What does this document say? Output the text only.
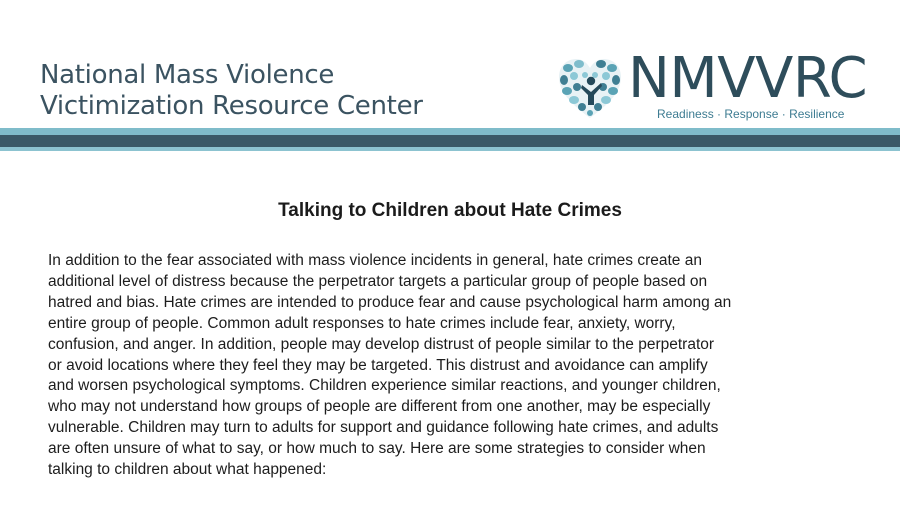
National Mass Violence
Victimization Resource Center	NMVVRC
Readiness · Response · Resilience
Talking to Children about Hate Crimes

In addition to the fear associated with mass violence incidents in general, hate crimes create an
additional level of distress because the perpetrator targets a particular group of people based on
hatred and bias. Hate crimes are intended to produce fear and cause psychological harm among an
entire group of people. Common adult responses to hate crimes include fear, anxiety, worry,
confusion, and anger. In addition, people may develop distrust of people similar to the perpetrator
or avoid locations where they feel they may be targeted. This distrust and avoidance can amplify
and worsen psychological symptoms. Children experience similar reactions, and younger children,
who may not understand how groups of people are different from one another, may be especially
vulnerable. Children may turn to adults for support and guidance following hate crimes, and adults
are often unsure of what to say, or how much to say. Here are some strategies to consider when
talking to children about what happened:
